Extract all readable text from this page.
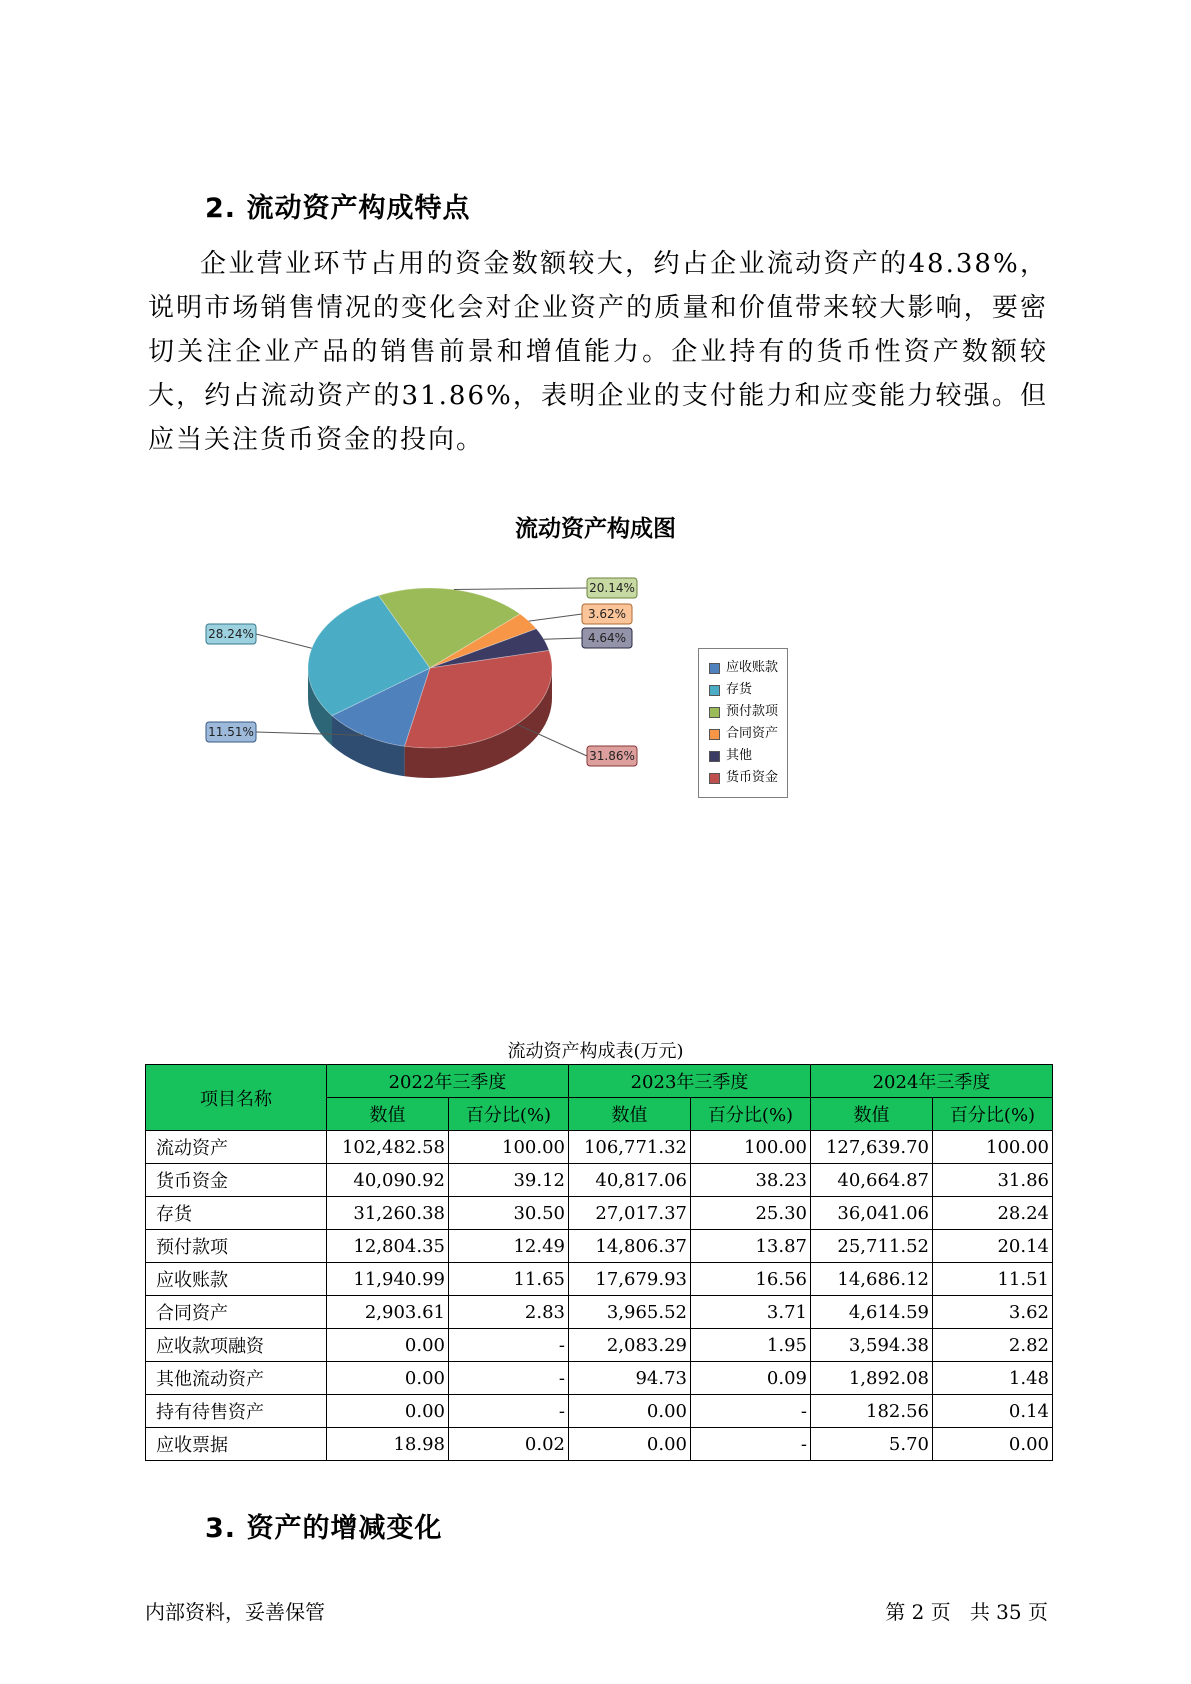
2. 流动资产构成特点

企业营业环节占用的资金数额较大，约占企业流动资产的48.38%，说明市场销售情况的变化会对企业资产的质量和价值带来较大影响，要密切关注企业产品的销售前景和增值能力。企业持有的货币性资产数额较大，约占流动资产的31.86%，表明企业的支付能力和应变能力较强。但应当关注货币资金的投向。

流动资产构成图
11.51%
28.24%
20.14%
3.62%
4.64%
31.86%
应收账款
存货
预付款项
合同资产
其他
货币资金
流动资产构成表(万元)
项目名称	2022年三季度		2023年三季度		2024年三季度	
	数值	百分比(%)	数值	百分比(%)	数值	百分比(%)
流动资产	102,482.58	100.00	106,771.32	100.00	127,639.70	100.00
货币资金	40,090.92	39.12	40,817.06	38.23	40,664.87	31.86
存货	31,260.38	30.50	27,017.37	25.30	36,041.06	28.24
预付款项	12,804.35	12.49	14,806.37	13.87	25,711.52	20.14
应收账款	11,940.99	11.65	17,679.93	16.56	14,686.12	11.51
合同资产	2,903.61	2.83	3,965.52	3.71	4,614.59	3.62
应收款项融资	0.00	-	2,083.29	1.95	3,594.38	2.82
其他流动资产	0.00	-	94.73	0.09	1,892.08	1.48
持有待售资产	0.00	-	0.00	-	182.56	0.14
应收票据	18.98	0.02	0.00	-	5.70	0.00
3. 资产的增减变化
内部资料，妥善保管	第 2 页   共 35 页
